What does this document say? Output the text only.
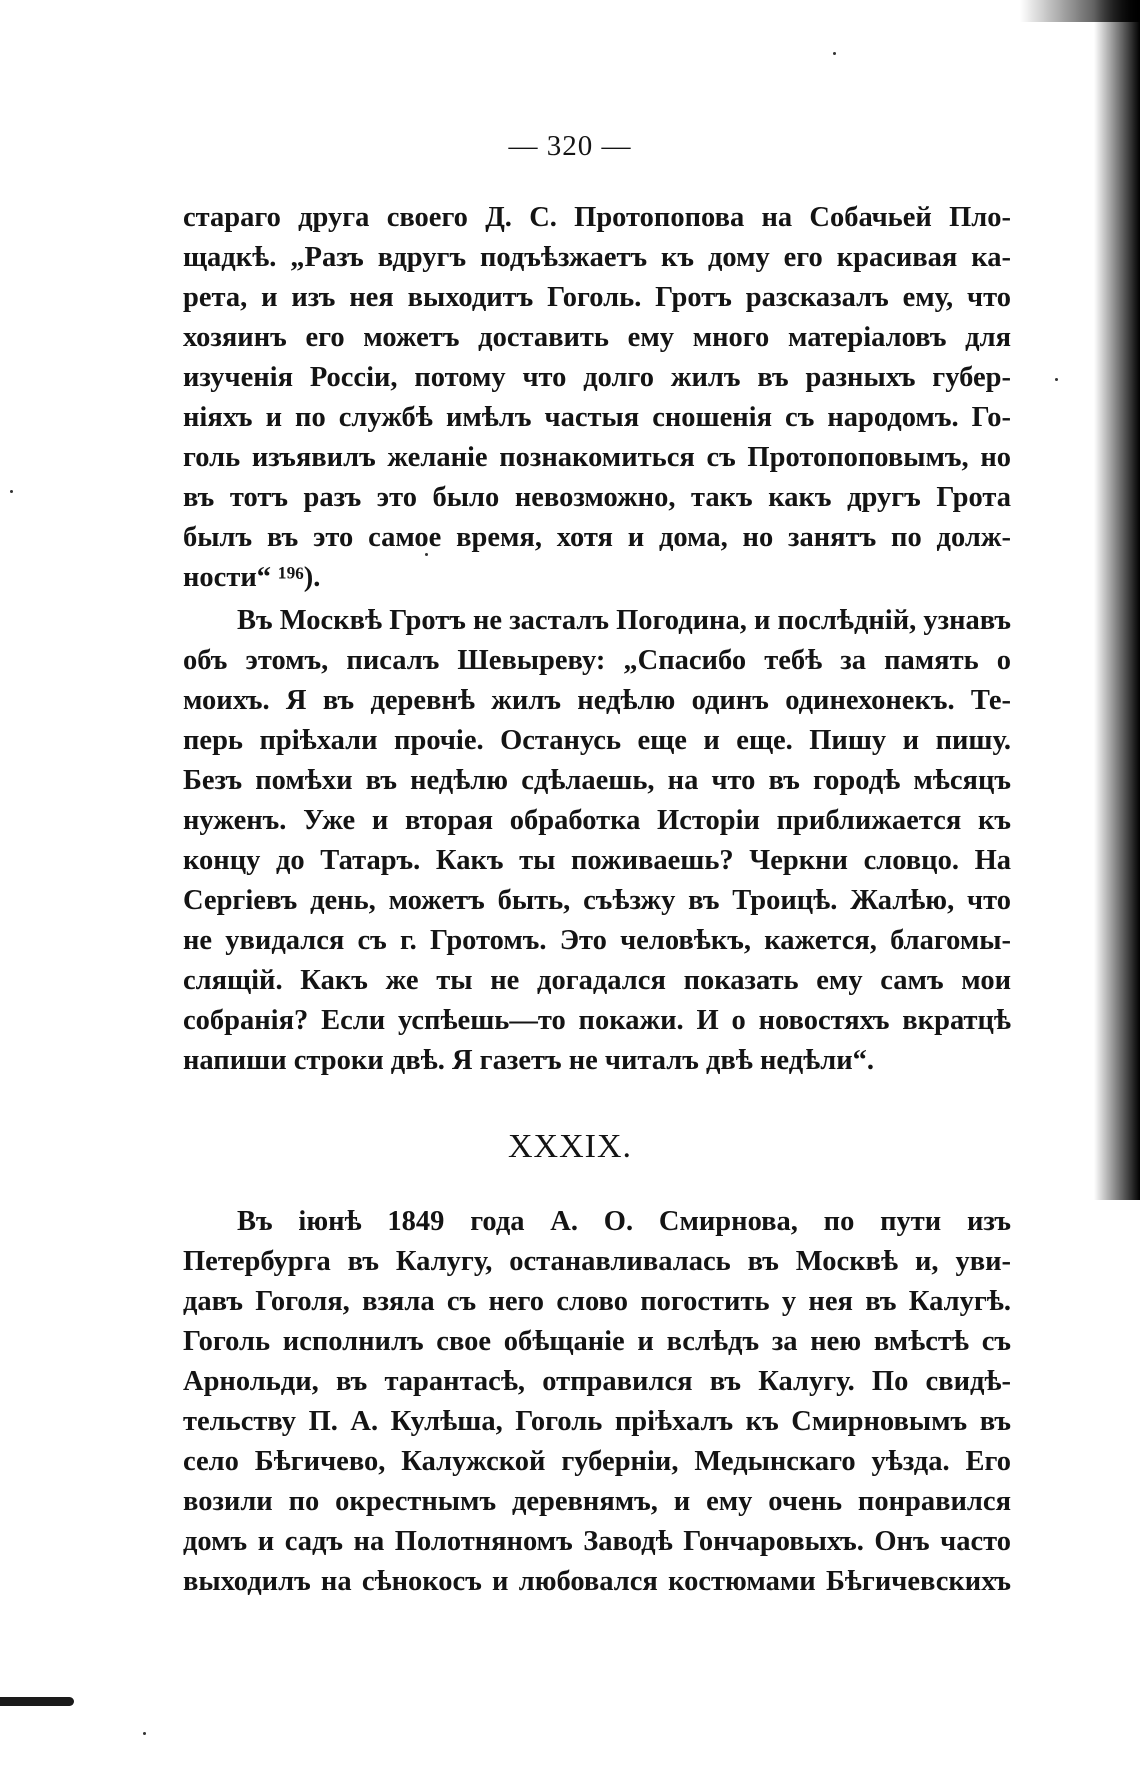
— 320 —
стараго друга своего Д. С. Протопопова на Собачьей Пло-
щадкѣ. „Разъ вдругъ подъѣзжаетъ къ дому его красивая ка-
рета, и изъ нея выходитъ Гоголь. Гротъ разсказалъ ему, что
хозяинъ его можетъ доставить ему много матеріаловъ для
изученія Россіи, потому что долго жилъ въ разныхъ губер-
ніяхъ и по службѣ имѣлъ частыя сношенія съ народомъ. Го-
голь изъявилъ желаніе познакомиться съ Протопоповымъ, но
въ тотъ разъ это было невозможно, такъ какъ другъ Грота
былъ въ это самое время, хотя и дома, но занятъ по долж-
ности“ ¹⁹⁶).
Въ Москвѣ Гротъ не засталъ Погодина, и послѣдній, узнавъ
объ этомъ, писалъ Шевыреву: „Спасибо тебѣ за память о
моихъ. Я въ деревнѣ жилъ недѣлю одинъ одинехонекъ. Те-
перь пріѣхали прочіе. Останусь еще и еще. Пишу и пишу.
Безъ помѣхи въ недѣлю сдѣлаешь, на что въ городѣ мѣсяцъ
нуженъ. Уже и вторая обработка Исторіи приближается къ
концу до Татаръ. Какъ ты поживаешь? Черкни словцо. На
Сергіевъ день, можетъ быть, съѣзжу въ Троицѣ. Жалѣю, что
не увидался съ г. Гротомъ. Это человѣкъ, кажется, благомы-
слящій. Какъ же ты не догадался показать ему самъ мои
собранія? Если успѣешь—то покажи. И о новостяхъ вкратцѣ
напиши строки двѣ. Я газетъ не читалъ двѣ недѣли“.
XXXIX.
Въ іюнѣ 1849 года А. О. Смирнова, по пути изъ
Петербурга въ Калугу, останавливалась въ Москвѣ и, уви-
давъ Гоголя, взяла съ него слово погостить у нея въ Калугѣ.
Гоголь исполнилъ свое обѣщаніе и вслѣдъ за нею вмѣстѣ съ
Арнольди, въ тарантасѣ, отправился въ Калугу. По свидѣ-
тельству П. А. Кулѣша, Гоголь пріѣхалъ къ Смирновымъ въ
село Бѣгичево, Калужской губерніи, Медынскаго уѣзда. Его
возили по окрестнымъ деревнямъ, и ему очень понравился
домъ и садъ на Полотняномъ Заводѣ Гончаровыхъ. Онъ часто
выходилъ на сѣнокосъ и любовался костюмами Бѣгичевскихъ
